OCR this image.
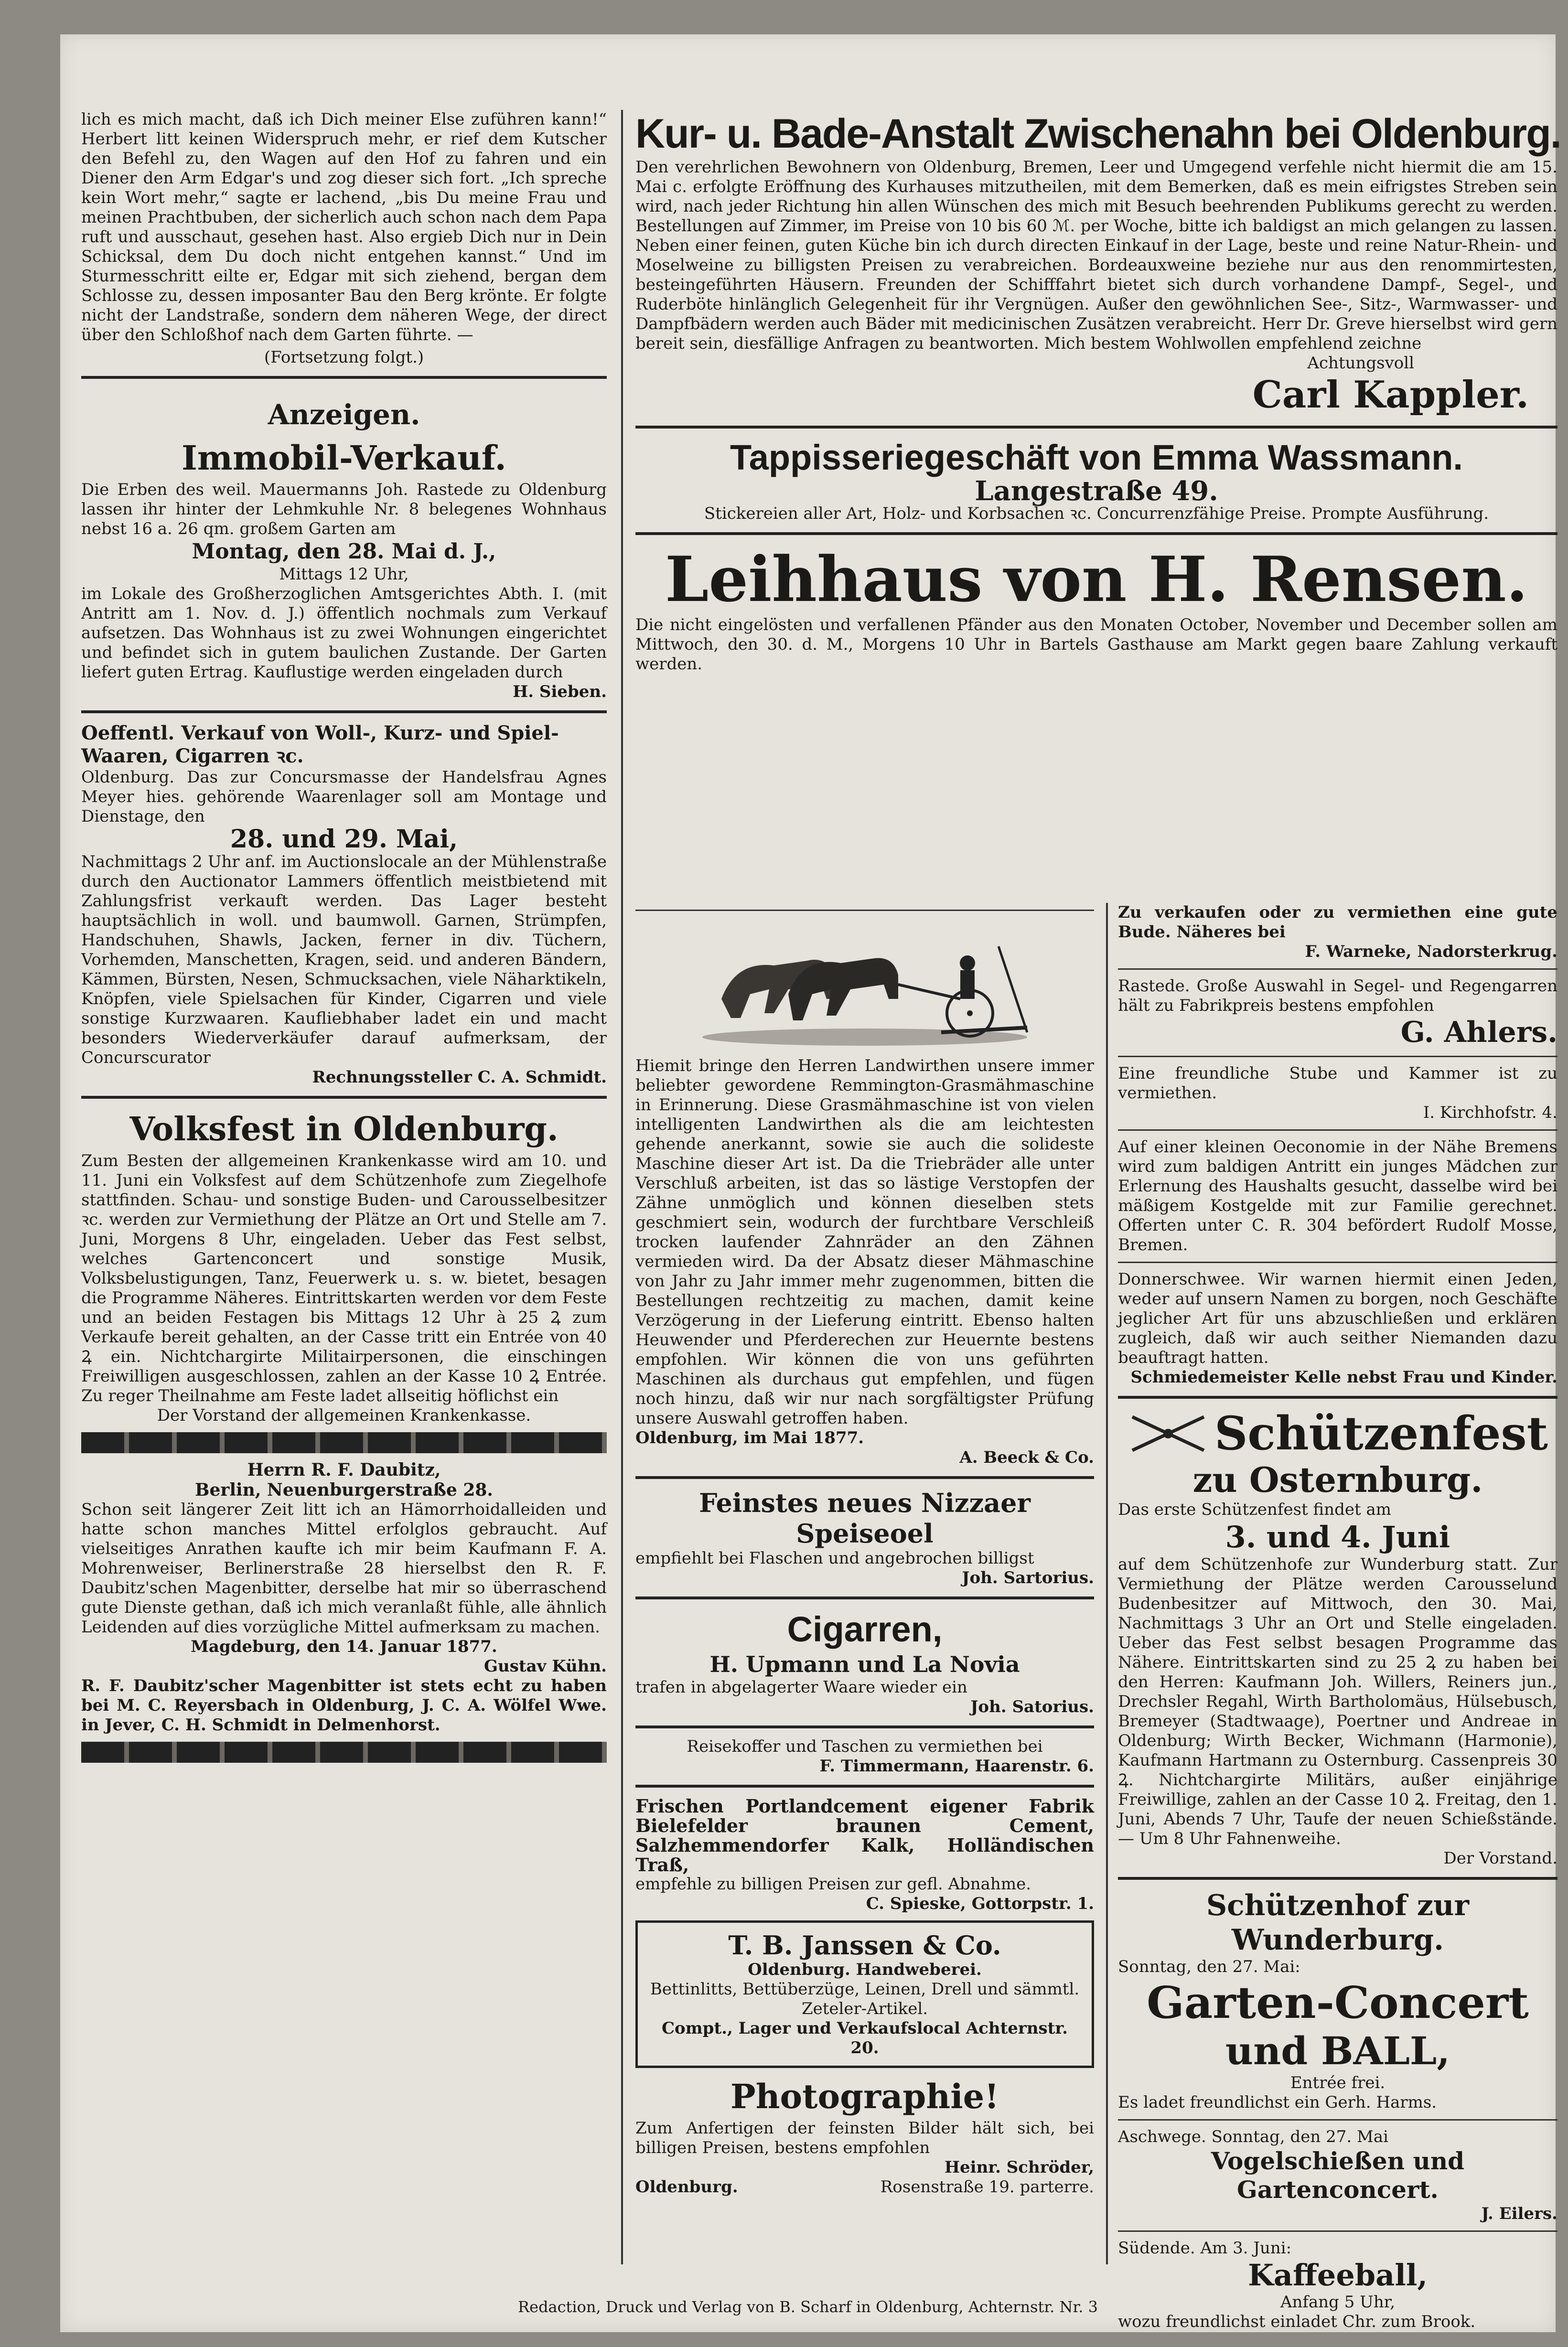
lich es mich macht, daß ich Dich meiner Else zuführen kann!“ Herbert litt keinen Widerspruch mehr, er rief dem Kutscher den Befehl zu, den Wagen auf den Hof zu fahren und ein Diener den Arm Edgar's und zog dieser sich fort. „Ich spreche kein Wort mehr,“ sagte er lachend, „bis Du meine Frau und meinen Prachtbuben, der sicherlich auch schon nach dem Papa ruft und ausschaut, gesehen hast. Also ergieb Dich nur in Dein Schicksal, dem Du doch nicht entgehen kannst.“ Und im Sturmesschritt eilte er, Edgar mit sich ziehend, bergan dem Schlosse zu, dessen imposanter Bau den Berg krönte. Er folgte nicht der Landstraße, sondern dem näheren Wege, der direct über den Schloßhof nach dem Garten führte. —

(Fortsetzung folgt.)

Anzeigen.
Immobil-Verkauf.

Die Erben des weil. Mauermanns Joh. Rastede zu Oldenburg lassen ihr hinter der Lehmkuhle Nr. 8 belegenes Wohnhaus nebst 16 a. 26 qm. großem Garten am

Montag, den 28. Mai d. J.,

Mittags 12 Uhr,

im Lokale des Großherzoglichen Amtsgerichtes Abth. I. (mit Antritt am 1. Nov. d. J.) öffentlich nochmals zum Verkauf aufsetzen. Das Wohnhaus ist zu zwei Wohnungen eingerichtet und befindet sich in gutem baulichen Zustande. Der Garten liefert guten Ertrag. Kauflustige werden eingeladen durch

H. Sieben.

Oeffentl. Verkauf von Woll-, Kurz- und Spiel-Waaren, Cigarren ꝛc.

Oldenburg. Das zur Concursmasse der Handelsfrau Agnes Meyer hies. gehörende Waarenlager soll am Montage und Dienstage, den

28. und 29. Mai,

Nachmittags 2 Uhr anf. im Auctionslocale an der Mühlenstraße durch den Auctionator Lammers öffentlich meistbietend mit Zahlungsfrist verkauft werden. Das Lager besteht hauptsächlich in woll. und baumwoll. Garnen, Strümpfen, Handschuhen, Shawls, Jacken, ferner in div. Tüchern, Vorhemden, Manschetten, Kragen, seid. und anderen Bändern, Kämmen, Bürsten, Nesen, Schmucksachen, viele Näharktikeln, Knöpfen, viele Spielsachen für Kinder, Cigarren und viele sonstige Kurzwaaren. Kaufliebhaber ladet ein und macht besonders Wiederverkäufer darauf aufmerksam, der Concurscurator

Rechnungssteller C. A. Schmidt.

Volksfest in Oldenburg.

Zum Besten der allgemeinen Krankenkasse wird am 10. und 11. Juni ein Volksfest auf dem Schützenhofe zum Ziegelhofe stattfinden. Schau- und sonstige Buden- und Carousselbesitzer ꝛc. werden zur Vermiethung der Plätze an Ort und Stelle am 7. Juni, Morgens 8 Uhr, eingeladen. Ueber das Fest selbst, welches Gartenconcert und sonstige Musik, Volksbelustigungen, Tanz, Feuerwerk u. s. w. bietet, besagen die Programme Näheres. Eintrittskarten werden vor dem Feste und an beiden Festagen bis Mittags 12 Uhr à 25 Ꝝ zum Verkaufe bereit gehalten, an der Casse tritt ein Entrée von 40 Ꝝ ein. Nichtchargirte Militairpersonen, die einschingen Freiwilligen ausgeschlossen, zahlen an der Kasse 10 Ꝝ Entrée. Zu reger Theilnahme am Feste ladet allseitig höflichst ein

Der Vorstand der allgemeinen Krankenkasse.

Herrn R. F. Daubitz,
Berlin, Neuenburgerstraße 28.

Schon seit längerer Zeit litt ich an Hämorrhoidalleiden und hatte schon manches Mittel erfolglos gebraucht. Auf vielseitiges Anrathen kaufte ich mir beim Kaufmann F. A. Mohrenweiser, Berlinerstraße 28 hierselbst den R. F. Daubitz'schen Magenbitter, derselbe hat mir so überraschend gute Dienste gethan, daß ich mich veranlaßt fühle, alle ähnlich Leidenden auf dies vorzügliche Mittel aufmerksam zu machen.

Magdeburg, den 14. Januar 1877.

Gustav Kühn.

R. F. Daubitz'scher Magenbitter ist stets echt zu haben bei M. C. Reyersbach in Oldenburg, J. C. A. Wölfel Wwe. in Jever, C. H. Schmidt in Delmenhorst.

Kur- u. Bade-Anstalt Zwischenahn bei Oldenburg.

Den verehrlichen Bewohnern von Oldenburg, Bremen, Leer und Umgegend verfehle nicht hiermit die am 15. Mai c. erfolgte Eröffnung des Kurhauses mitzutheilen, mit dem Bemerken, daß es mein eifrigstes Streben sein wird, nach jeder Richtung hin allen Wünschen des mich mit Besuch beehrenden Publikums gerecht zu werden. Bestellungen auf Zimmer, im Preise von 10 bis 60 ℳ. per Woche, bitte ich baldigst an mich gelangen zu lassen. Neben einer feinen, guten Küche bin ich durch directen Einkauf in der Lage, beste und reine Natur-Rhein- und Moselweine zu billigsten Preisen zu verabreichen. Bordeauxweine beziehe nur aus den renommirtesten, besteingeführten Häusern. Freunden der Schifffahrt bietet sich durch vorhandene Dampf-, Segel-, und Ruderböte hinlänglich Gelegenheit für ihr Vergnügen. Außer den gewöhnlichen See-, Sitz-, Warmwasser- und Dampfbädern werden auch Bäder mit medicinischen Zusätzen verabreicht. Herr Dr. Greve hierselbst wird gern bereit sein, diesfällige Anfragen zu beantworten. Mich bestem Wohlwollen empfehlend zeichne

Achtungsvoll

Carl Kappler.
Tappisseriegeschäft von Emma Wassmann.
Langestraße 49.

Stickereien aller Art, Holz- und Korbsachen ꝛc. Concurrenzfähige Preise. Prompte Ausführung.

Leihhaus von H. Rensen.

Die nicht eingelösten und verfallenen Pfänder aus den Monaten October, November und December sollen am Mittwoch, den 30. d. M., Morgens 10 Uhr in Bartels Gasthause am Markt gegen baare Zahlung verkauft werden.

Hiemit bringe den Herren Landwirthen unsere immer beliebter gewordene Remmington-Grasmähmaschine in Erinnerung. Diese Grasmähmaschine ist von vielen intelligenten Landwirthen als die am leichtesten gehende anerkannt, sowie sie auch die solideste Maschine dieser Art ist. Da die Triebräder alle unter Verschluß arbeiten, ist das so lästige Verstopfen der Zähne unmöglich und können dieselben stets geschmiert sein, wodurch der furchtbare Verschleiß trocken laufender Zahnräder an den Zähnen vermieden wird. Da der Absatz dieser Mähmaschine von Jahr zu Jahr immer mehr zugenommen, bitten die Bestellungen rechtzeitig zu machen, damit keine Verzögerung in der Lieferung eintritt. Ebenso halten Heuwender und Pferderechen zur Heuernte bestens empfohlen. Wir können die von uns geführten Maschinen als durchaus gut empfehlen, und fügen noch hinzu, daß wir nur nach sorgfältigster Prüfung unsere Auswahl getroffen haben.

Oldenburg, im Mai 1877.

A. Beeck & Co.

Feinstes neues Nizzaer Speiseoel

empfiehlt bei Flaschen und angebrochen billigst

Joh. Sartorius.

Cigarren,
H. Upmann und La Novia

trafen in abgelagerter Waare wieder ein

Joh. Satorius.

Reisekoffer und Taschen zu vermiethen bei

F. Timmermann, Haarenstr. 6.

Frischen Portlandcement eigener Fabrik Bielefelder braunen Cement, Salzhemmendorfer Kalk, Holländischen Traß,

empfehle zu billigen Preisen zur gefl. Abnahme.

C. Spieske, Gottorpstr. 1.

T. B. Janssen & Co.

Oldenburg. Handweberei.

Bettinlitts, Bettüberzüge, Leinen, Drell und sämmtl. Zeteler-Artikel.

Compt., Lager und Verkaufslocal Achternstr. 20.

Photographie!

Zum Anfertigen der feinsten Bilder hält sich, bei billigen Preisen, bestens empfohlen

Heinr. Schröder,

Oldenburg.	Rosenstraße 19. parterre.

Zu verkaufen oder zu vermiethen eine gute Bude. Näheres bei

F. Warneke, Nadorsterkrug.

Rastede. Große Auswahl in Segel- und Regengarren hält zu Fabrikpreis bestens empfohlen

G. Ahlers.

Eine freundliche Stube und Kammer ist zu vermiethen.

I. Kirchhofstr. 4.

Auf einer kleinen Oeconomie in der Nähe Bremens wird zum baldigen Antritt ein junges Mädchen zur Erlernung des Haushalts gesucht, dasselbe wird bei mäßigem Kostgelde mit zur Familie gerechnet. Offerten unter C. R. 304 befördert Rudolf Mosse, Bremen.

Donnerschwee. Wir warnen hiermit einen Jeden, weder auf unsern Namen zu borgen, noch Geschäfte jeglicher Art für uns abzuschließen und erklären zugleich, daß wir auch seither Niemanden dazu beauftragt hatten.

Schmiedemeister Kelle nebst Frau und Kinder.

Schützenfest
zu Osternburg.

Das erste Schützenfest findet am

3. und 4. Juni

auf dem Schützenhofe zur Wunderburg statt. Zur Vermiethung der Plätze werden Carousselund Budenbesitzer auf Mittwoch, den 30. Mai, Nachmittags 3 Uhr an Ort und Stelle eingeladen. Ueber das Fest selbst besagen Programme das Nähere. Eintrittskarten sind zu 25 Ꝝ zu haben bei den Herren: Kaufmann Joh. Willers, Reiners jun., Drechsler Regahl, Wirth Bartholomäus, Hülsebusch, Bremeyer (Stadtwaage), Poertner und Andreae in Oldenburg; Wirth Becker, Wichmann (Harmonie), Kaufmann Hartmann zu Osternburg. Cassenpreis 30 Ꝝ. Nichtchargirte Militärs, außer einjährige Freiwillige, zahlen an der Casse 10 Ꝝ. Freitag, den 1. Juni, Abends 7 Uhr, Taufe der neuen Schießstände. — Um 8 Uhr Fahnenweihe.

Der Vorstand.

Schützenhof zur Wunderburg.

Sonntag, den 27. Mai:

Garten-Concert
und BALL,

Entrée frei.

Es ladet freundlichst ein Gerh. Harms.

Aschwege. Sonntag, den 27. Mai

Vogelschießen und Gartenconcert.

J. Eilers.

Südende. Am 3. Juni:

Kaffeeball,

Anfang 5 Uhr,

wozu freundlichst einladet Chr. zum Brook.

Redaction, Druck und Verlag von B. Scharf in Oldenburg, Achternstr. Nr. 3
